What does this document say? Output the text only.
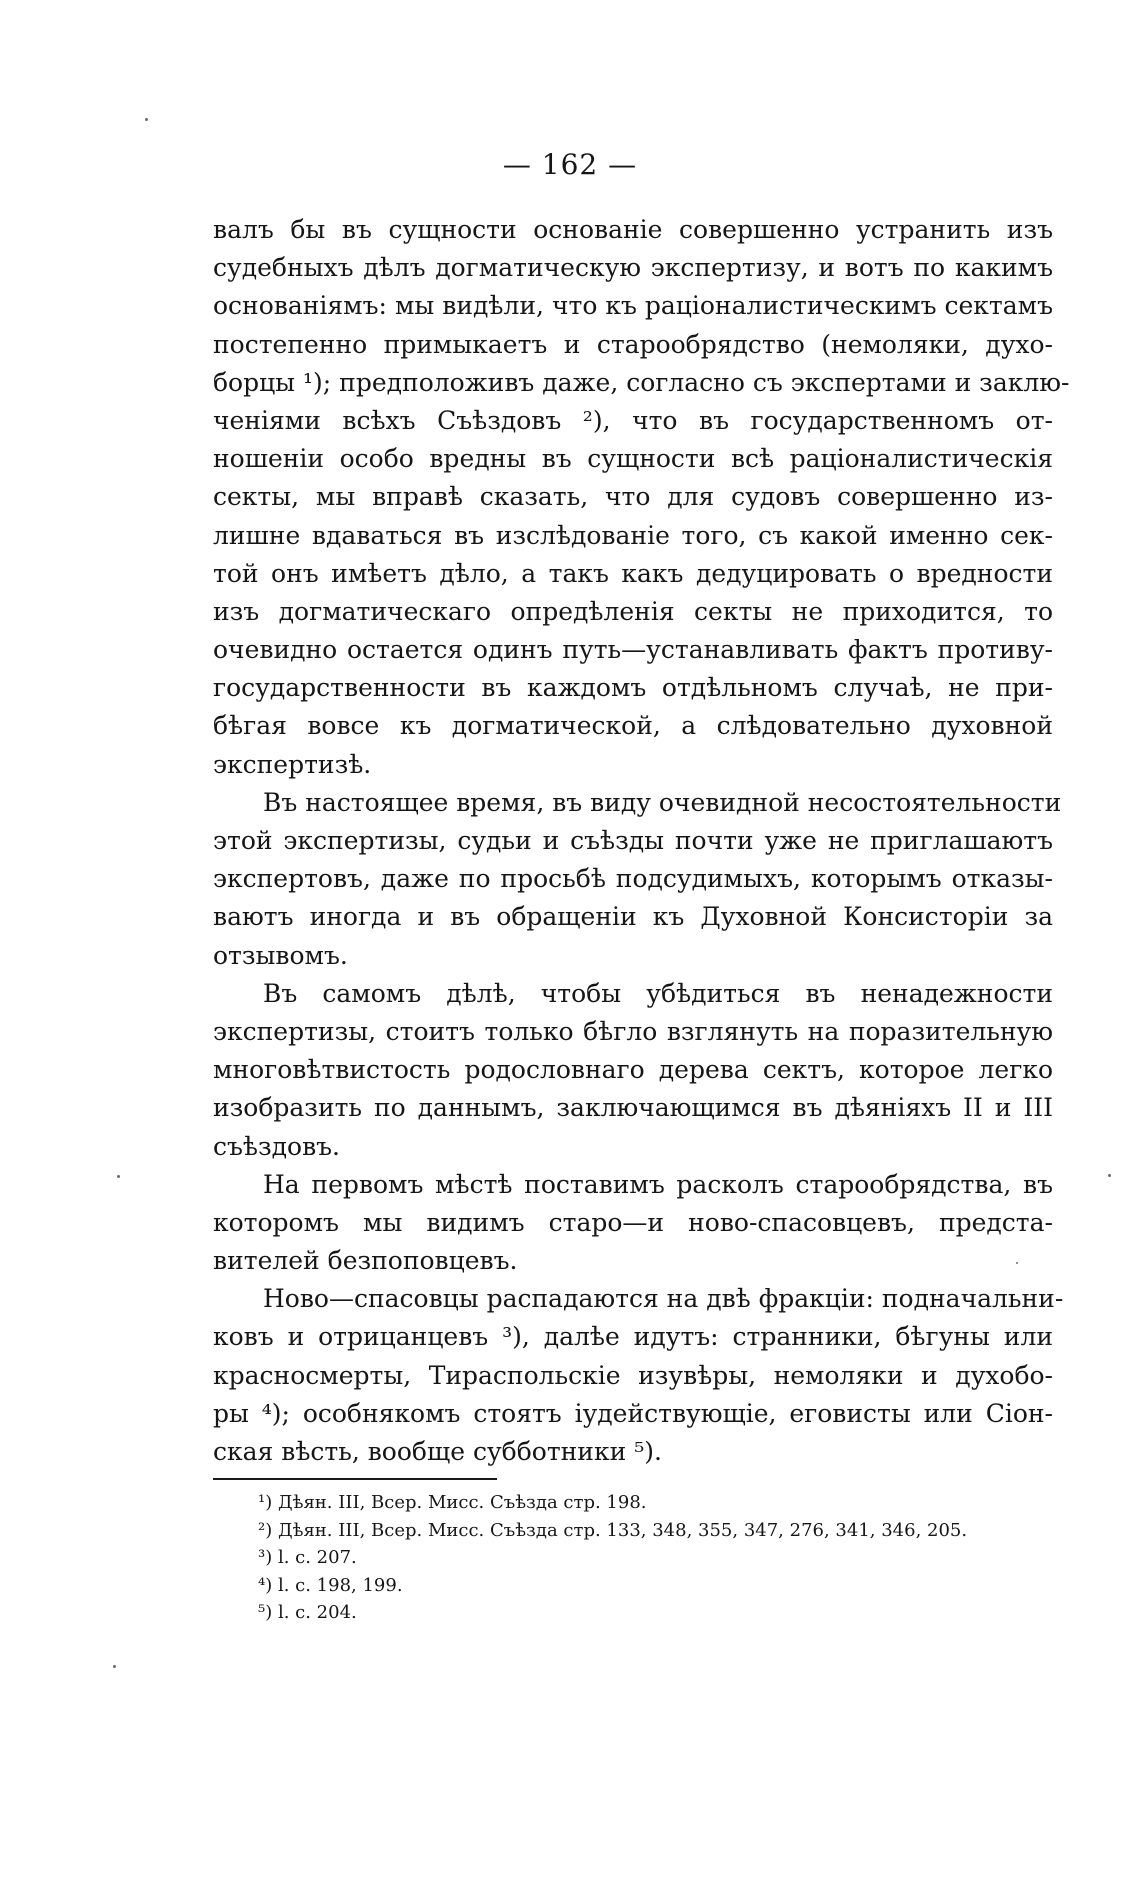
— 162 —
валъ бы въ сущности основаніе совершенно устранить изъ
судебныхъ дѣлъ догматическую экспертизу, и вотъ по какимъ
основаніямъ: мы видѣли, что къ раціоналистическимъ сектамъ
постепенно примыкаетъ и старообрядство (немоляки, духо-
борцы ¹); предположивъ даже, согласно съ экспертами и заклю-
ченіями всѣхъ Съѣздовъ ²), что въ государственномъ от-
ношеніи особо вредны въ сущности всѣ раціоналистическія
секты, мы вправѣ сказать, что для судовъ совершенно из-
лишне вдаваться въ изслѣдованіе того, съ какой именно сек-
той онъ имѣетъ дѣло, а такъ какъ дедуцировать о вредности
изъ догматическаго опредѣленія секты не приходится, то
очевидно остается одинъ путь—устанавливать фактъ противу-
государственности въ каждомъ отдѣльномъ случаѣ, не при-
бѣгая вовсе къ догматической, а слѣдовательно духовной
экспертизѣ.
Въ настоящее время, въ виду очевидной несостоятельности
этой экспертизы, судьи и съѣзды почти уже не приглашаютъ
экспертовъ, даже по просьбѣ подсудимыхъ, которымъ отказы-
ваютъ иногда и въ обращеніи къ Духовной Консисторіи за
отзывомъ.
Въ самомъ дѣлѣ, чтобы убѣдиться въ ненадежности
экспертизы, стоитъ только бѣгло взглянуть на поразительную
многовѣтвистость родословнаго дерева сектъ, которое легко
изобразить по даннымъ, заключающимся въ дѣяніяхъ II и III
съѣздовъ.
На первомъ мѣстѣ поставимъ расколъ старообрядства, въ
которомъ мы видимъ старо—и ново-спасовцевъ, предста-
вителей безпоповцевъ.
Ново—спасовцы распадаются на двѣ фракціи: подначальни-
ковъ и отрицанцевъ ³), далѣе идутъ: странники, бѣгуны или
красносмерты, Тираспольскіе изувѣры, немоляки и духобо-
ры ⁴); особнякомъ стоятъ іудействующіе, еговисты или Сіон-
ская вѣсть, вообще субботники ⁵).
¹) Дѣян. III, Всер. Мисс. Съѣзда стр. 198.
²) Дѣян. III, Всер. Мисс. Съѣзда стр. 133, 348, 355, 347, 276, 341, 346, 205.
³) l. c. 207.
⁴) l. c. 198, 199.
⁵) l. c. 204.
